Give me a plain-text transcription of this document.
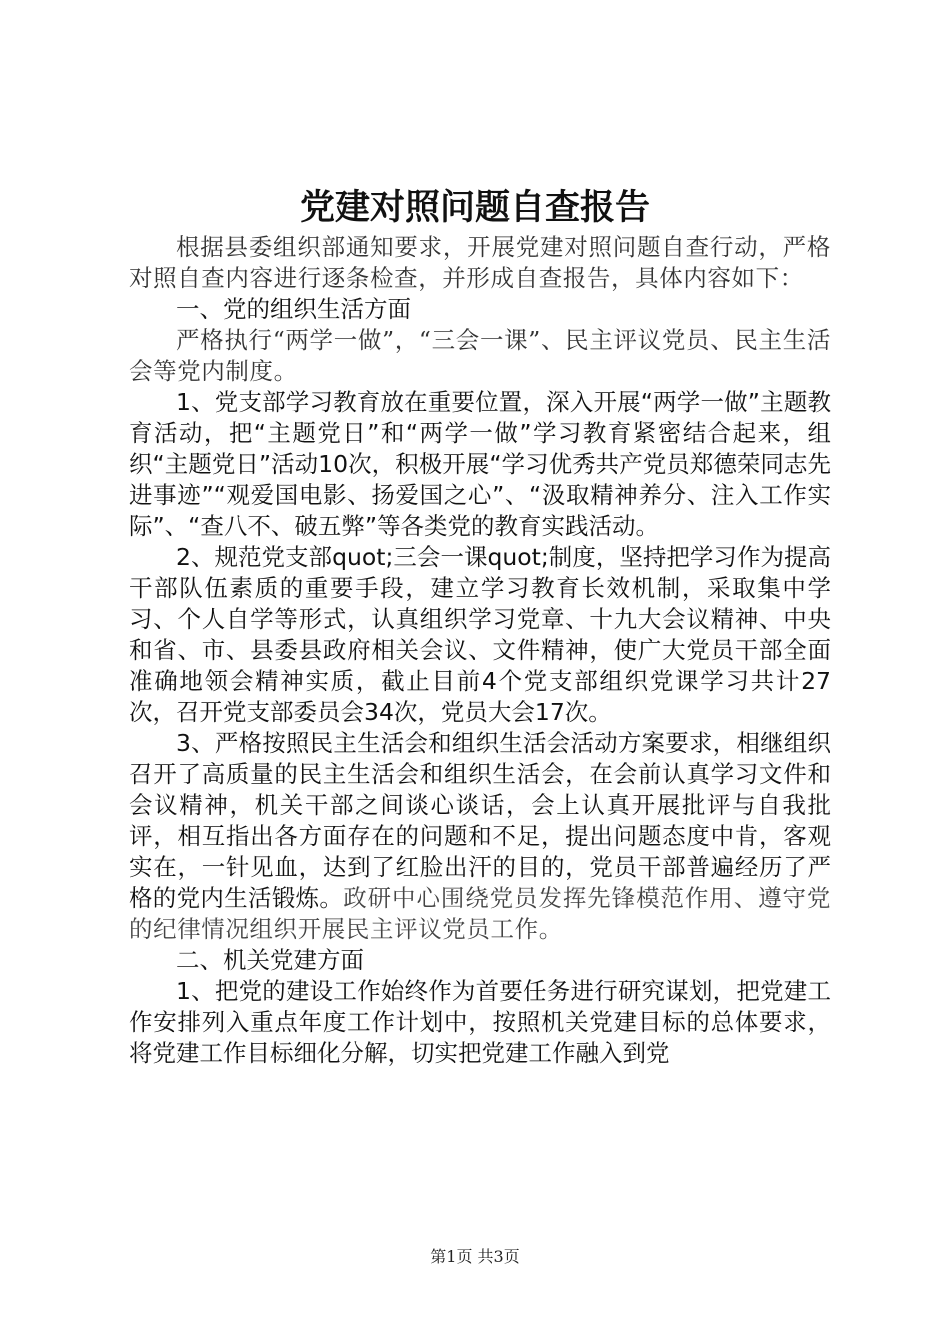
党建对照问题自查报告

根据县委组织部通知要求，开展党建对照问题自查行动，严格对照自查内容进行逐条检查，并形成自查报告，具体内容如下：

一、党的组织生活方面

严格执行“两学一做”，“三会一课”、民主评议党员、民主生活会等党内制度。

1、党支部学习教育放在重要位置，深入开展“两学一做”主题教育活动，把“主题党日”和“两学一做”学习教育紧密结合起来，组织“主题党日”活动10次，积极开展“学习优秀共产党员郑德荣同志先进事迹”“观爱国电影、扬爱国之心”、“汲取精神养分、注入工作实际”、“查八不、破五弊”等各类党的教育实践活动。

2、规范党支部quot;三会一课quot;制度，坚持把学习作为提高干部队伍素质的重要手段，建立学习教育长效机制，采取集中学习、个人自学等形式，认真组织学习党章、十九大会议精神、中央和省、市、县委县政府相关会议、文件精神，使广大党员干部全面准确地领会精神实质，截止目前4个党支部组织党课学习共计27次，召开党支部委员会34次，党员大会17次。

3、严格按照民主生活会和组织生活会活动方案要求，相继组织召开了高质量的民主生活会和组织生活会，在会前认真学习文件和会议精神，机关干部之间谈心谈话，会上认真开展批评与自我批评，相互指出各方面存在的问题和不足，提出问题态度中肯，客观实在，一针见血，达到了红脸出汗的目的，党员干部普遍经历了严格的党内生活锻炼。政研中心围绕党员发挥先锋模范作用、遵守党的纪律情况组织开展民主评议党员工作。

二、机关党建方面

1、把党的建设工作始终作为首要任务进行研究谋划，把党建工作安排列入重点年度工作计划中，按照机关党建目标的总体要求，将党建工作目标细化分解，切实把党建工作融入到党

第1页 共3页
